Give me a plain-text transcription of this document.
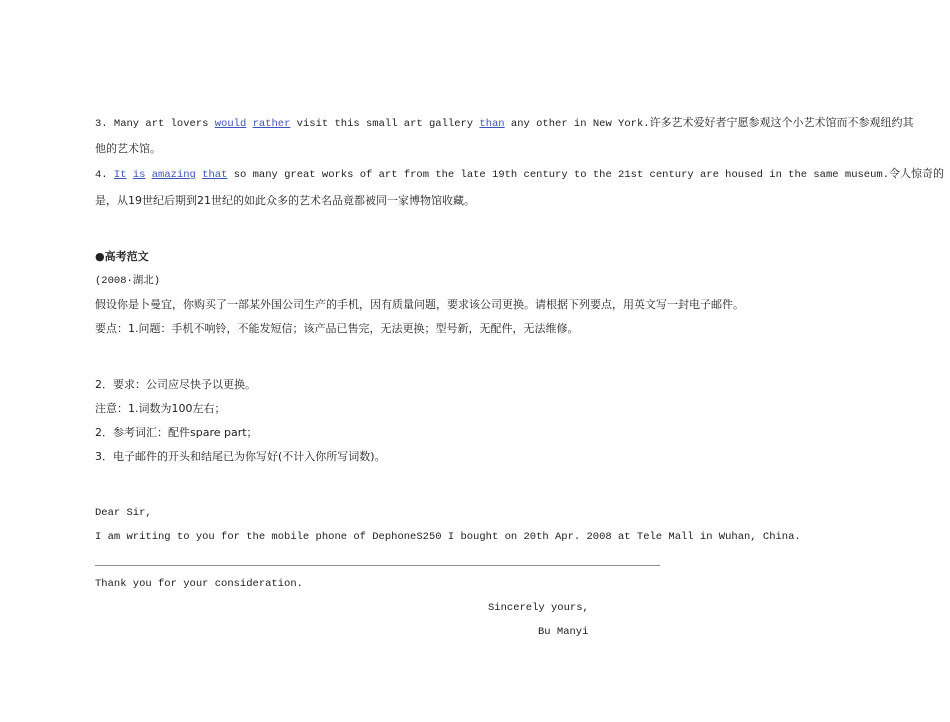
3. Many art lovers would rather visit this small art gallery than any other in New York.许多艺术爱好者宁愿参观这个小艺术馆而不参观纽约其
他的艺术馆。
4. It is amazing that so many great works of art from the late 19th century to the 21st century are housed in the same museum.令人惊奇的
是，从19世纪后期到21世纪的如此众多的艺术名品竟都被同一家博物馆收藏。
●高考范文
(2008·湖北)
假设你是卜曼宜，你购买了一部某外国公司生产的手机，因有质量问题，要求该公司更换。请根据下列要点，用英文写一封电子邮件。
要点：1.问题：手机不响铃，不能发短信；该产品已售完，无法更换；型号新，无配件，无法维修。
2．要求：公司应尽快予以更换。
注意：1.词数为100左右；
2．参考词汇：配件spare part；
3．电子邮件的开头和结尾已为你写好(不计入你所写词数)。
Dear Sir,
I am writing to you for the mobile phone of DephoneS250 I bought on 20th Apr. 2008 at Tele Mall in Wuhan, China.
Thank you for your consideration.
Sincerely yours,
Bu Manyi
